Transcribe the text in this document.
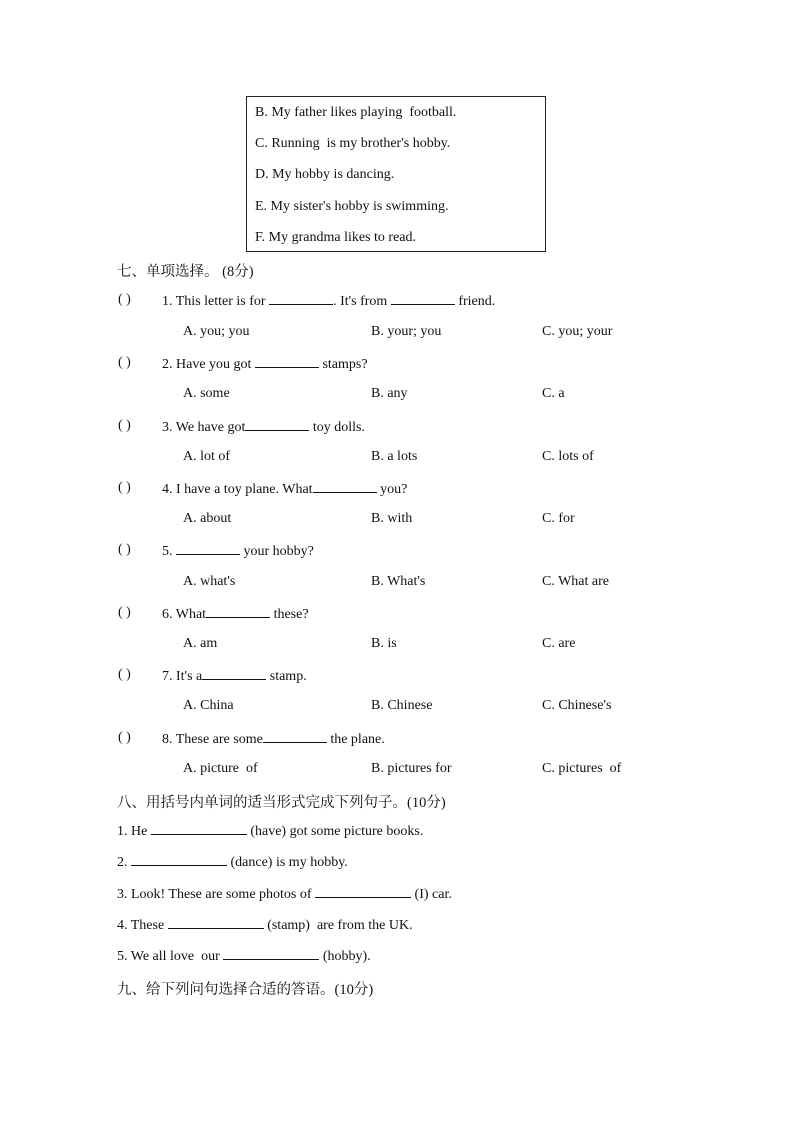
B. My father likes playing  football.
C. Running  is my brother's hobby.
D. My hobby is dancing.
E. My sister's hobby is swimming.
F. My grandma likes to read.
七、单项选择。 (8分)
( ) 1. This letter is for	. It's from	friend.
A. you; you	B. your; you	C. you; your
( ) 2. Have you got	stamps?
A. some	B. any	C. a
( ) 3. We have got	toy dolls.
A. lot of	B. a lots	C. lots of
( ) 4. I have a toy plane. What	you?
A. about	B. with	C. for
( ) 5.	your hobby?
A. what's	B. What's	C. What are
( ) 6. What	these?
A. am	B. is	C. are
( ) 7. It's a	stamp.
A. China	B. Chinese	C. Chinese's
( ) 8. These are some	the plane.
A. picture  of	B. pictures for	C. pictures  of
八、用括号内单词的适当形式完成下列句子。(10分)
1. He	(have) got some picture books.
2.	(dance) is my hobby.
3. Look! These are some photos of	(I) car.
4. These	(stamp)  are from the UK.
5. We all love  our	(hobby).
九、给下列问句选择合适的答语。(10分)
